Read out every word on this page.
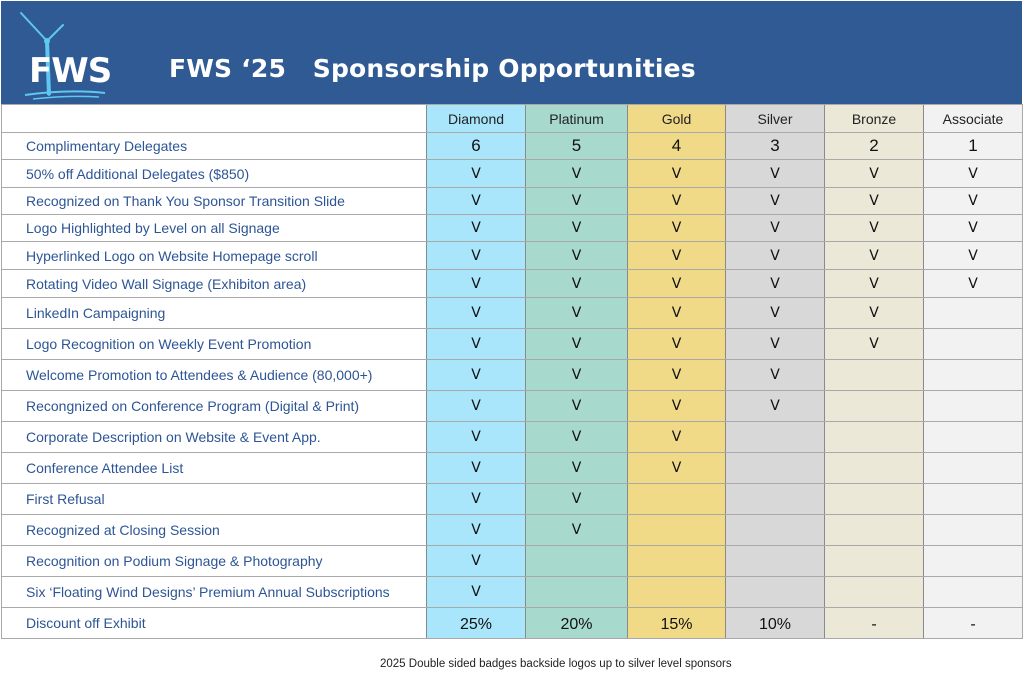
FWS FWS ‘25   Sponsorship Opportunities
	Diamond	Platinum	Gold	Silver	Bronze	Associate
Complimentary Delegates	6	5	4	3	2	1
50% off Additional Delegates ($850)	V	V	V	V	V	V
Recognized on Thank You Sponsor Transition Slide	V	V	V	V	V	V
Logo Highlighted by Level on all Signage	V	V	V	V	V	V
Hyperlinked Logo on Website Homepage scroll	V	V	V	V	V	V
Rotating Video Wall Signage (Exhibiton area)	V	V	V	V	V	V
LinkedIn Campaigning	V	V	V	V	V	
Logo Recognition on Weekly Event Promotion	V	V	V	V	V	
Welcome Promotion to Attendees & Audience (80,000+)	V	V	V	V		
Recongnized on Conference Program (Digital & Print)	V	V	V	V		
Corporate Description on Website & Event App.	V	V	V			
Conference Attendee List	V	V	V			
First Refusal	V	V				
Recognized at Closing Session	V	V				
Recognition on Podium Signage & Photography	V					
Six ‘Floating Wind Designs’ Premium Annual Subscriptions	V					
Discount off Exhibit	25%	20%	15%	10%	-	-
2025 Double sided badges backside logos up to silver level sponsors
